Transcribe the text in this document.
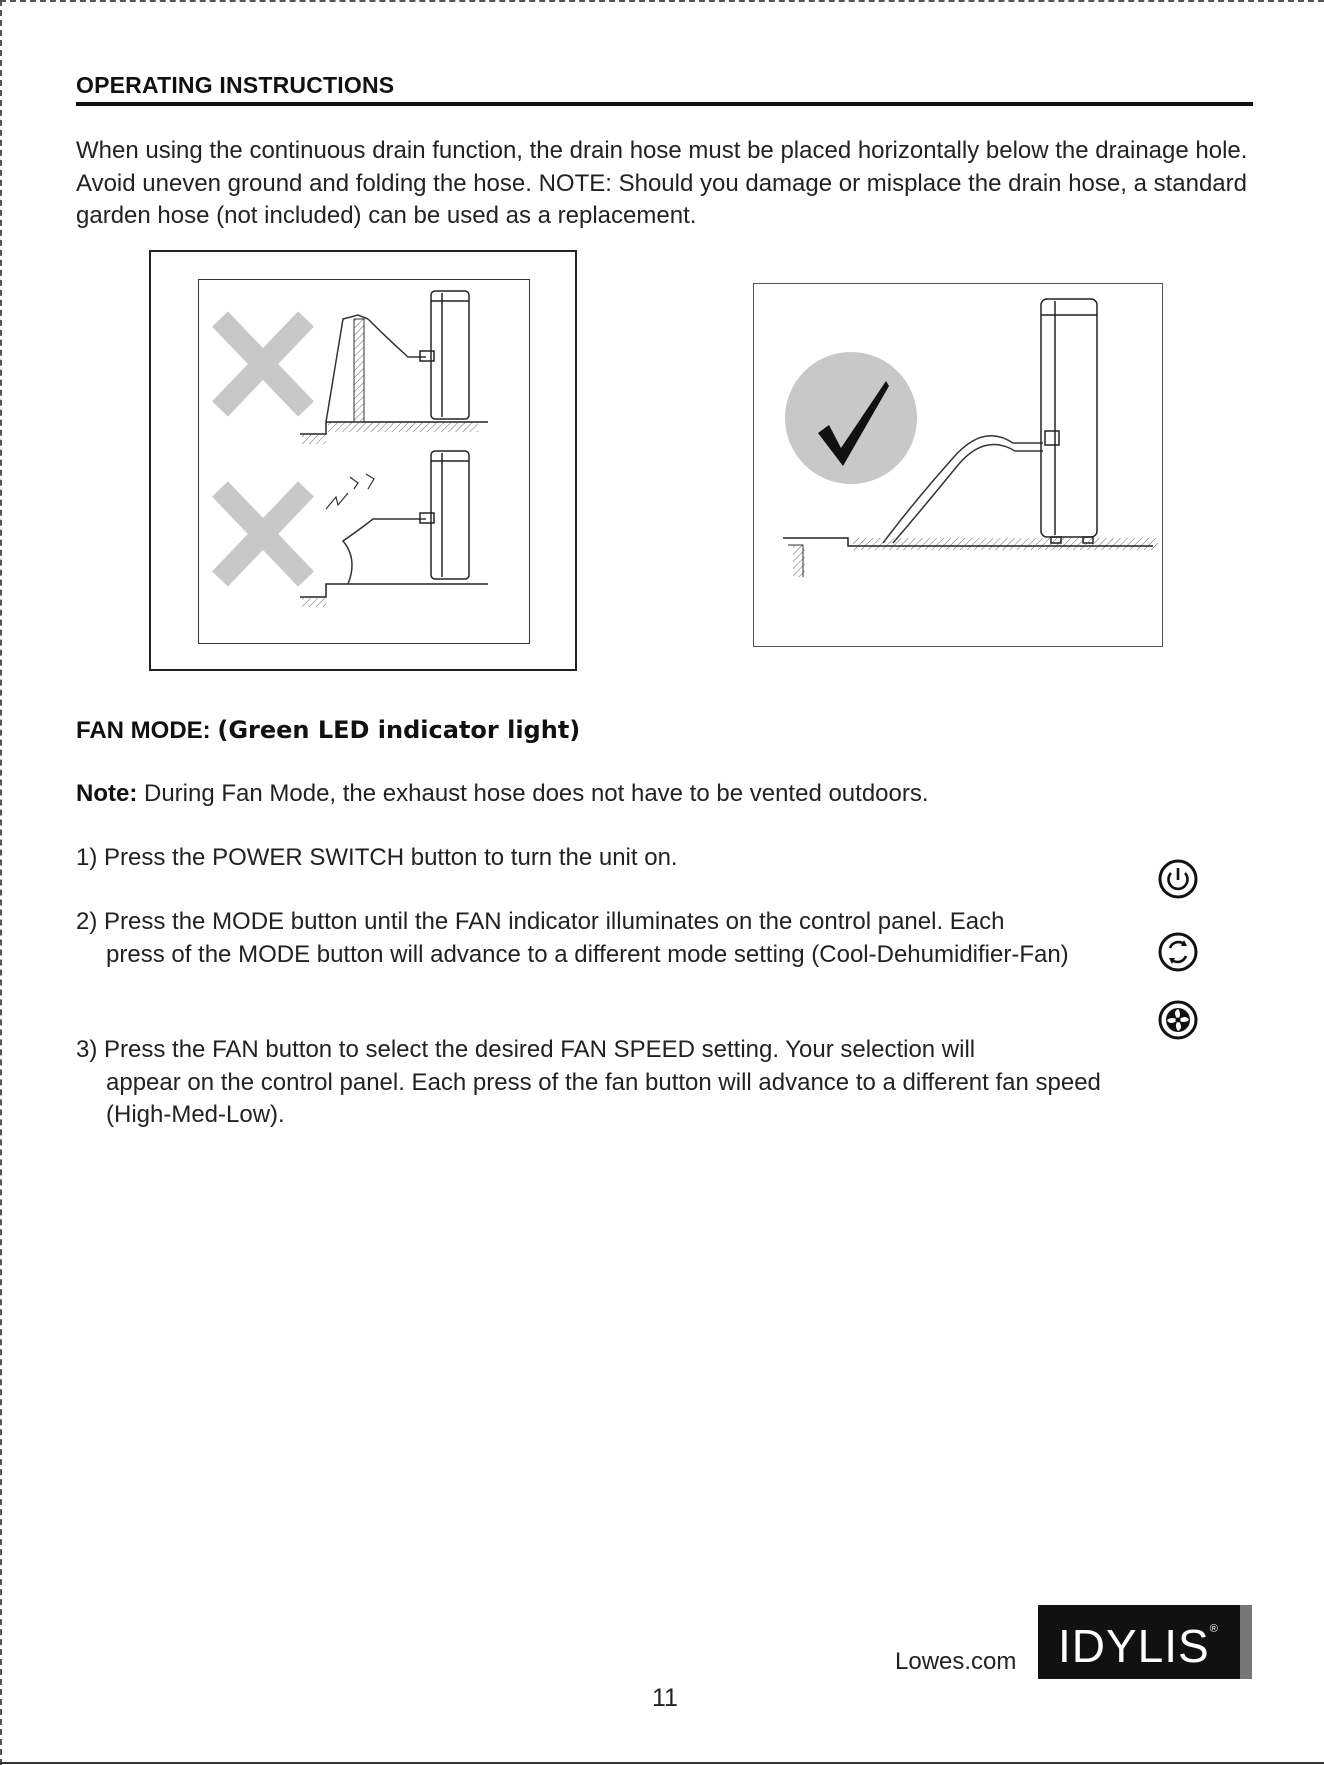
OPERATING INSTRUCTIONS
When using the continuous drain function, the drain hose must be placed horizontally below the drainage hole. Avoid uneven ground and folding the hose. NOTE: Should you damage or misplace the drain hose, a standard garden hose (not included) can be used as a replacement.
FAN MODE: (Green LED indicator light)
Note: During Fan Mode, the exhaust hose does not have to be vented outdoors.
1) Press the POWER SWITCH button to turn the unit on.
2) Press the MODE button until the FAN indicator illuminates on the control panel. Each
press of the MODE button will advance to a different mode setting (Cool-Dehumidifier-Fan)
3) Press the FAN button to select the desired FAN SPEED setting. Your selection will
appear on the control panel. Each press of the fan button will advance to a different fan speed (High-Med-Low).
Lowes.com IDYLIS®
11
